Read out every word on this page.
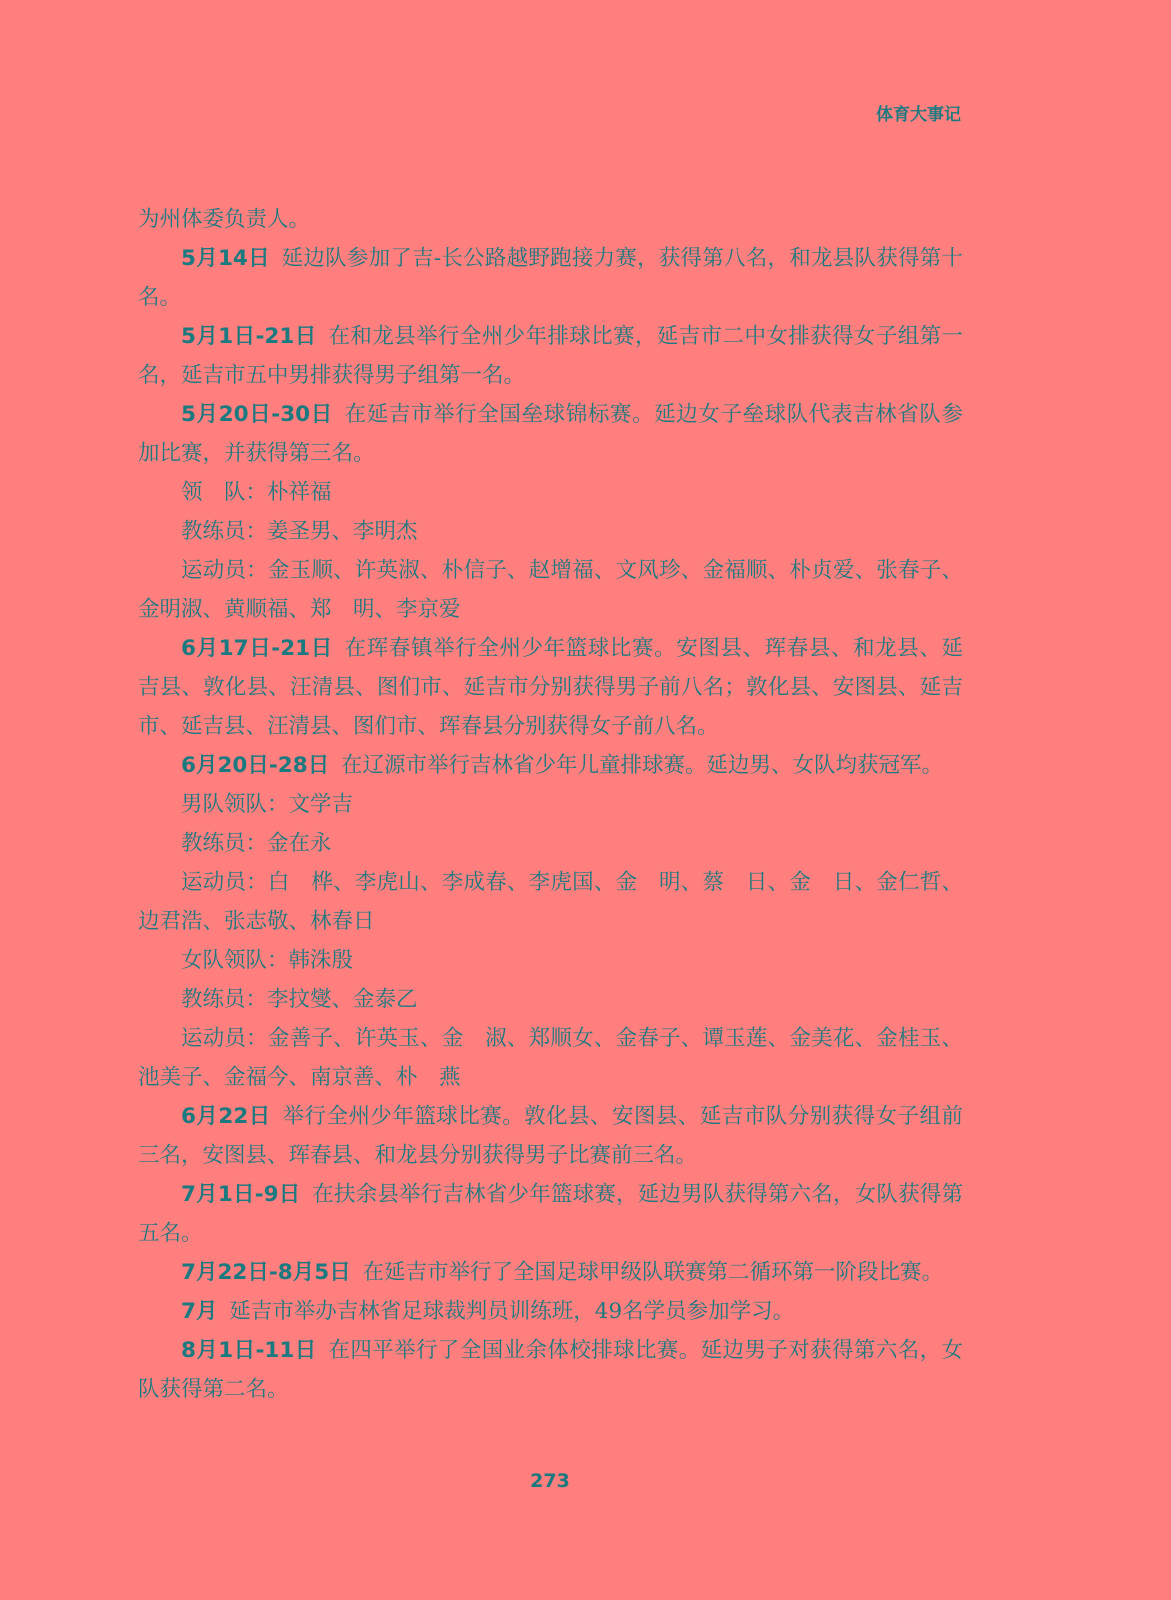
体育大事记

为州体委负责人。

5月14日 延边队参加了吉-长公路越野跑接力赛，获得第八名，和龙县队获得第十名。

5月1日-21日 在和龙县举行全州少年排球比赛，延吉市二中女排获得女子组第一名，延吉市五中男排获得男子组第一名。

5月20日-30日 在延吉市举行全国垒球锦标赛。延边女子垒球队代表吉林省队参加比赛，并获得第三名。

领　队：朴祥福

教练员：姜圣男、李明杰

运动员：金玉顺、许英淑、朴信子、赵增福、文风珍、金福顺、朴贞爱、张春子、金明淑、黄顺福、郑　明、李京爱

6月17日-21日 在珲春镇举行全州少年篮球比赛。安图县、珲春县、和龙县、延吉县、敦化县、汪清县、图们市、延吉市分别获得男子前八名；敦化县、安图县、延吉市、延吉县、汪清县、图们市、珲春县分别获得女子前八名。

6月20日-28日 在辽源市举行吉林省少年儿童排球赛。延边男、女队均获冠军。

男队领队：文学吉

教练员：金在永

运动员：白　桦、李虎山、李成春、李虎国、金　明、蔡　日、金　日、金仁哲、边君浩、张志敬、林春日

女队领队：韩洙殷

教练员：李抆燮、金泰乙

运动员：金善子、许英玉、金　淑、郑顺女、金春子、谭玉莲、金美花、金桂玉、池美子、金福今、南京善、朴　燕

6月22日 举行全州少年篮球比赛。敦化县、安图县、延吉市队分别获得女子组前三名，安图县、珲春县、和龙县分别获得男子比赛前三名。

7月1日-9日 在扶余县举行吉林省少年篮球赛，延边男队获得第六名，女队获得第五名。

7月22日-8月5日 在延吉市举行了全国足球甲级队联赛第二循环第一阶段比赛。

7月 延吉市举办吉林省足球裁判员训练班，49名学员参加学习。

8月1日-11日 在四平举行了全国业余体校排球比赛。延边男子对获得第六名，女队获得第二名。

273
